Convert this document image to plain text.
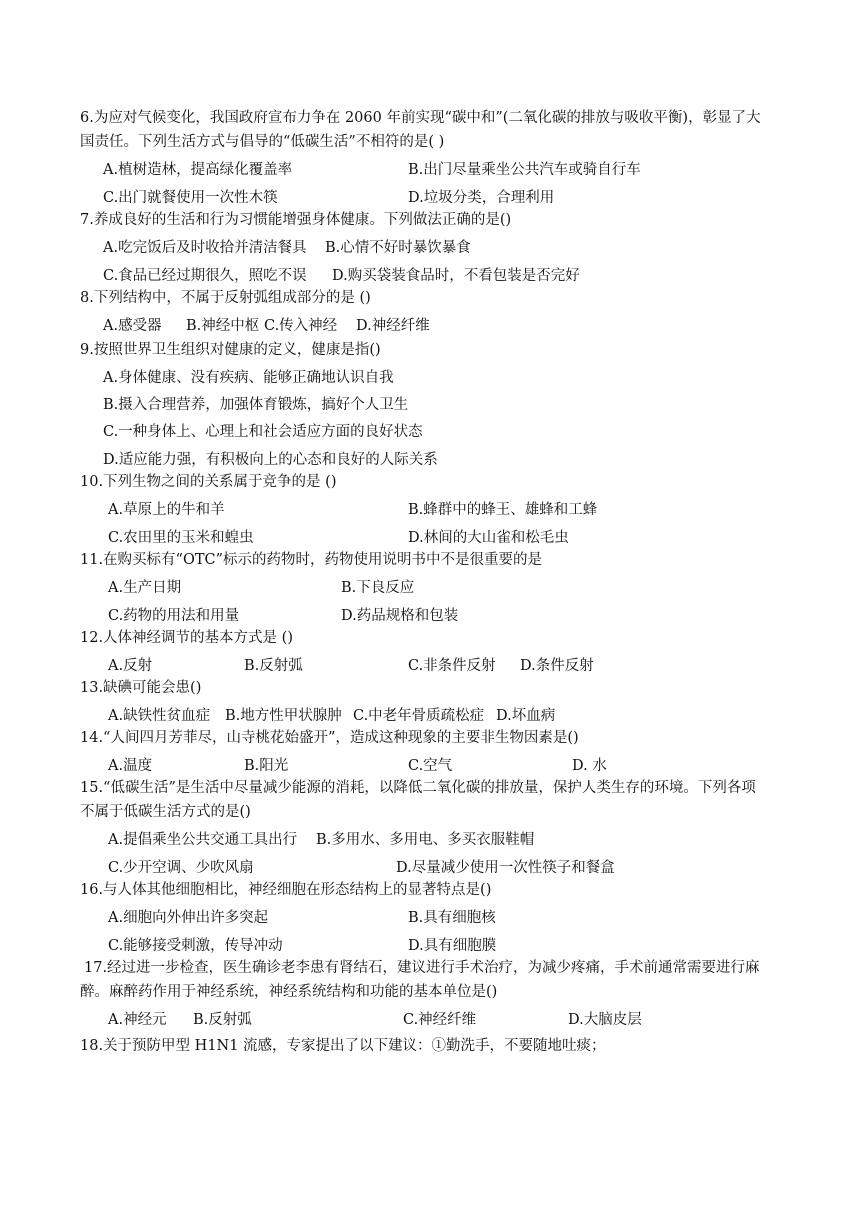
6.为应对气候变化，我国政府宣布力争在 2060 年前实现“碳中和”(二氧化碳的排放与吸收平衡)，彰显了大
国责任。下列生活方式与倡导的“低碳生活”不相符的是( )
A.植树造林，提高绿化覆盖率	B.出门尽量乘坐公共汽车或骑自行车
C.出门就餐使用一次性木筷	D.垃圾分类，合理利用
7.养成良好的生活和行为习惯能增强身体健康。下列做法正确的是()
A.吃完饭后及时收拾并清洁餐具 B.心情不好时暴饮暴食
C.食品已经过期很久，照吃不误 D.购买袋装食品时，不看包装是否完好
8.下列结构中，不属于反射弧组成部分的是 ()
A.感受器 B.神经中枢 C.传入神经 D.神经纤维
9.按照世界卫生组织对健康的定义，健康是指()
A.身体健康、没有疾病、能够正确地认识自我
B.摄入合理营养，加强体育锻炼，搞好个人卫生
C.一种身体上、心理上和社会适应方面的良好状态
D.适应能力强，有积极向上的心态和良好的人际关系
10.下列生物之间的关系属于竞争的是 ()
A.草原上的牛和羊	B.蜂群中的蜂王、雄蜂和工蜂
C.农田里的玉米和蝗虫	D.林间的大山雀和松毛虫
11.在购买标有“OTC”标示的药物时，药物使用说明书中不是很重要的是
A.生产日期	B.下良反应
C.药物的用法和用量	D.药品规格和包装
12.人体神经调节的基本方式是 ()
A.反射	B.反射弧	C.非条件反射 D.条件反射
13.缺碘可能会患()
A.缺铁性贫血症 B.地方性甲状腺肿 C.中老年骨质疏松症 D.坏血病
14.“人间四月芳菲尽，山寺桃花始盛开”，造成这种现象的主要非生物因素是()
A.温度	B.阳光	C.空气	D. 水
15.“低碳生活”是生活中尽量减少能源的消耗，以降低二氧化碳的排放量，保护人类生存的环境。下列各项
不属于低碳生活方式的是()
A.提倡乘坐公共交通工具出行 B.多用水、多用电、多买衣服鞋帽
C.少开空调、少吹风扇	D.尽量减少使用一次性筷子和餐盒
16.与人体其他细胞相比，神经细胞在形态结构上的显著特点是()
A.细胞向外伸出许多突起	B.具有细胞核
C.能够接受刺激，传导冲动	D.具有细胞膜
17.经过进一步检查，医生确诊老李患有肾结石，建议进行手术治疗，为减少疼痛，手术前通常需要进行麻
醉。麻醉药作用于神经系统，神经系统结构和功能的基本单位是()
A.神经元 B.反射弧	C.神经纤维	D.大脑皮层
18.关于预防甲型 H1N1 流感，专家提出了以下建议：①勤洗手，不要随地吐痰；
